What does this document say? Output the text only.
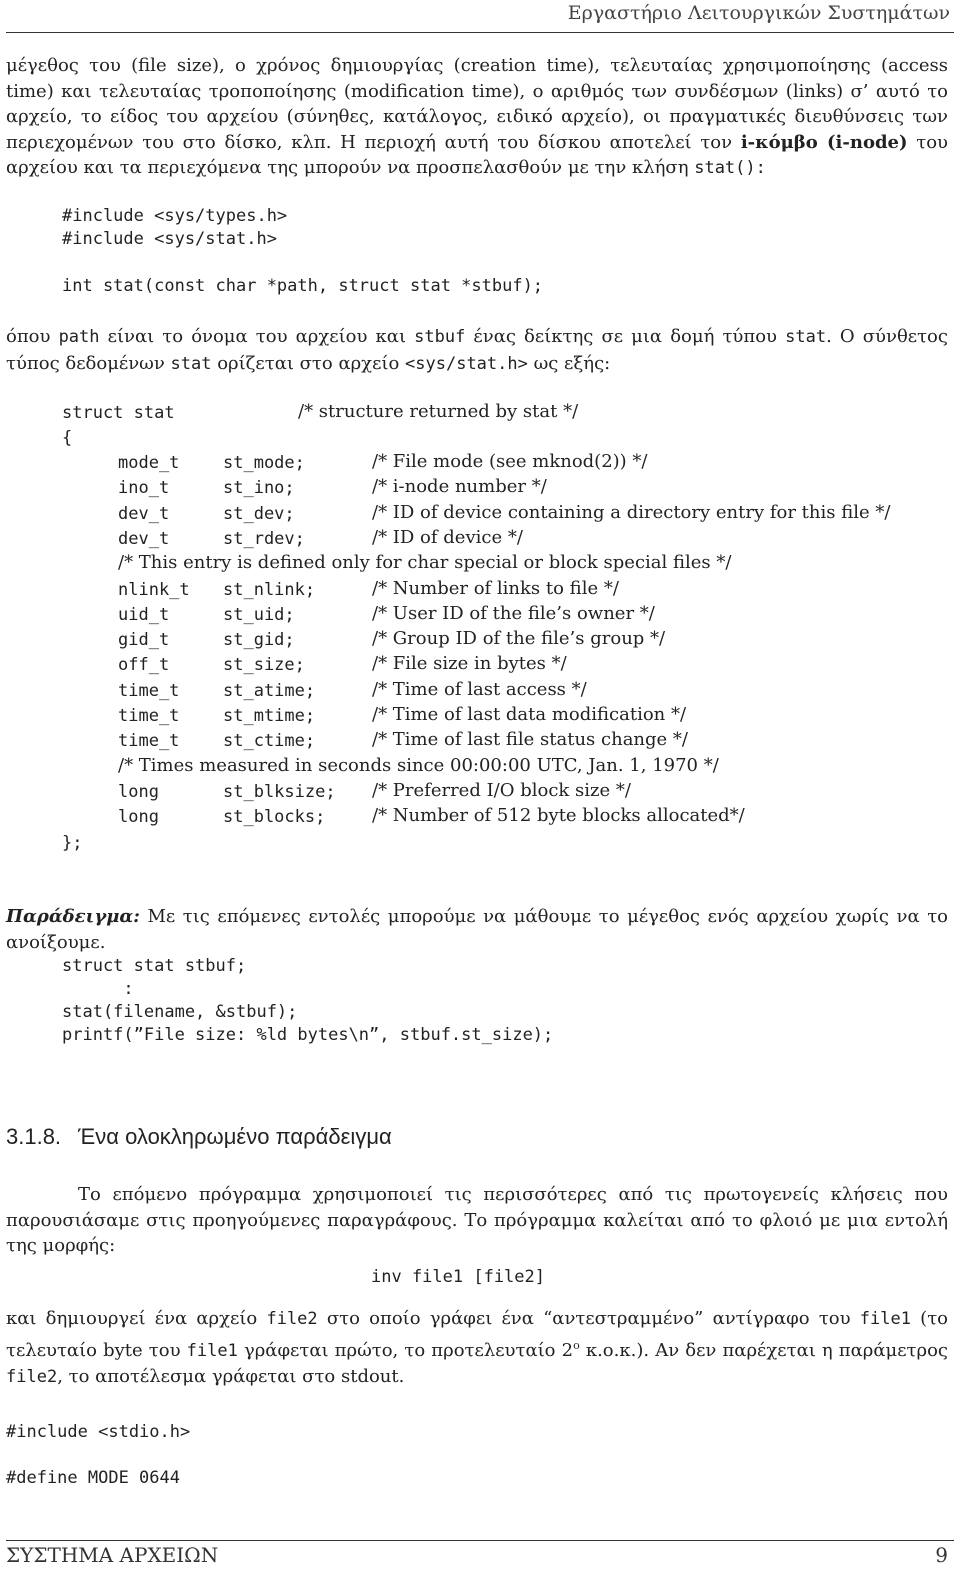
Εργαστήριο Λειτουργικών Συστημάτων
μέγεθος του (file size), ο χρόνος δημιουργίας (creation time), τελευταίας χρησιμοποίησης (access time) και τελευταίας τροποποίησης (modification time), ο αριθμός των συνδέσμων (links) σ’ αυτό το αρχείο, το είδος του αρχείου (σύνηθες, κατάλογος, ειδικό αρχείο), οι πραγματικές διευθύνσεις των περιεχομένων του στο δίσκο, κλπ. Η περιοχή αυτή του δίσκου αποτελεί τον i-κόμβο (i-node) του αρχείου και τα περιεχόμενα της μπορούν να προσπελασθούν με την κλήση stat():
#include <sys/types.h>
#include <sys/stat.h>
int stat(const char *path, struct stat *stbuf);
όπου path είναι το όνομα του αρχείου και stbuf ένας δείκτης σε μια δομή τύπου stat. Ο σύνθετος τύπος δεδομένων stat ορίζεται στο αρχείο <sys/stat.h> ως εξής:
struct stat	/* structure returned by stat */
{
mode_t	st_mode;	/* File mode (see mknod(2)) */
ino_t	st_ino;	/* i-node number */
dev_t	st_dev;	/* ID of device containing a directory entry for this file */
dev_t	st_rdev;	/* ID of device */
/* This entry is defined only for char special or block special files */
nlink_t st_nlink;	/* Number of links to file */
uid_t	st_uid;	/* User ID of the file’s owner */
gid_t	st_gid;	/* Group ID of the file’s group */
off_t	st_size;	/* File size in bytes */
time_t	st_atime;	/* Time of last access */
time_t	st_mtime;	/* Time of last data modification */
time_t	st_ctime;	/* Time of last file status change */
/* Times measured in seconds since 00:00:00 UTC, Jan. 1, 1970 */
long	st_blksize; /* Preferred I/O block size */
long	st_blocks;	/* Number of 512 byte blocks allocated*/
};
Παράδειγμα: Με τις επόμενες εντολές μπορούμε να μάθουμε το μέγεθος ενός αρχείου χωρίς να το ανοίξουμε.
struct stat stbuf;
:
stat(filename, &stbuf);
printf(”File size: %ld bytes\n”, stbuf.st_size);
3.1.8. Ένα ολοκληρωμένο παράδειγμα
Το επόμενο πρόγραμμα χρησιμοποιεί τις περισσότερες από τις πρωτογενείς κλήσεις που παρουσιάσαμε στις προηγούμενες παραγράφους. Το πρόγραμμα καλείται από το φλοιό με μια εντολή της μορφής:
inv file1 [file2]
και δημιουργεί ένα αρχείο file2 στο οποίο γράφει ένα “αντεστραμμένο” αντίγραφο του file1 (το τελευταίο byte του file1 γράφεται πρώτο, το προτελευταίο $2^o$ κ.ο.κ.). Αν δεν παρέχεται η παράμετρος file2, το αποτέλεσμα γράφεται στο stdout.
#include <stdio.h>
#define MODE 0644
ΣΥΣΤΗΜΑ ΑΡΧΕΙΩΝ	9
